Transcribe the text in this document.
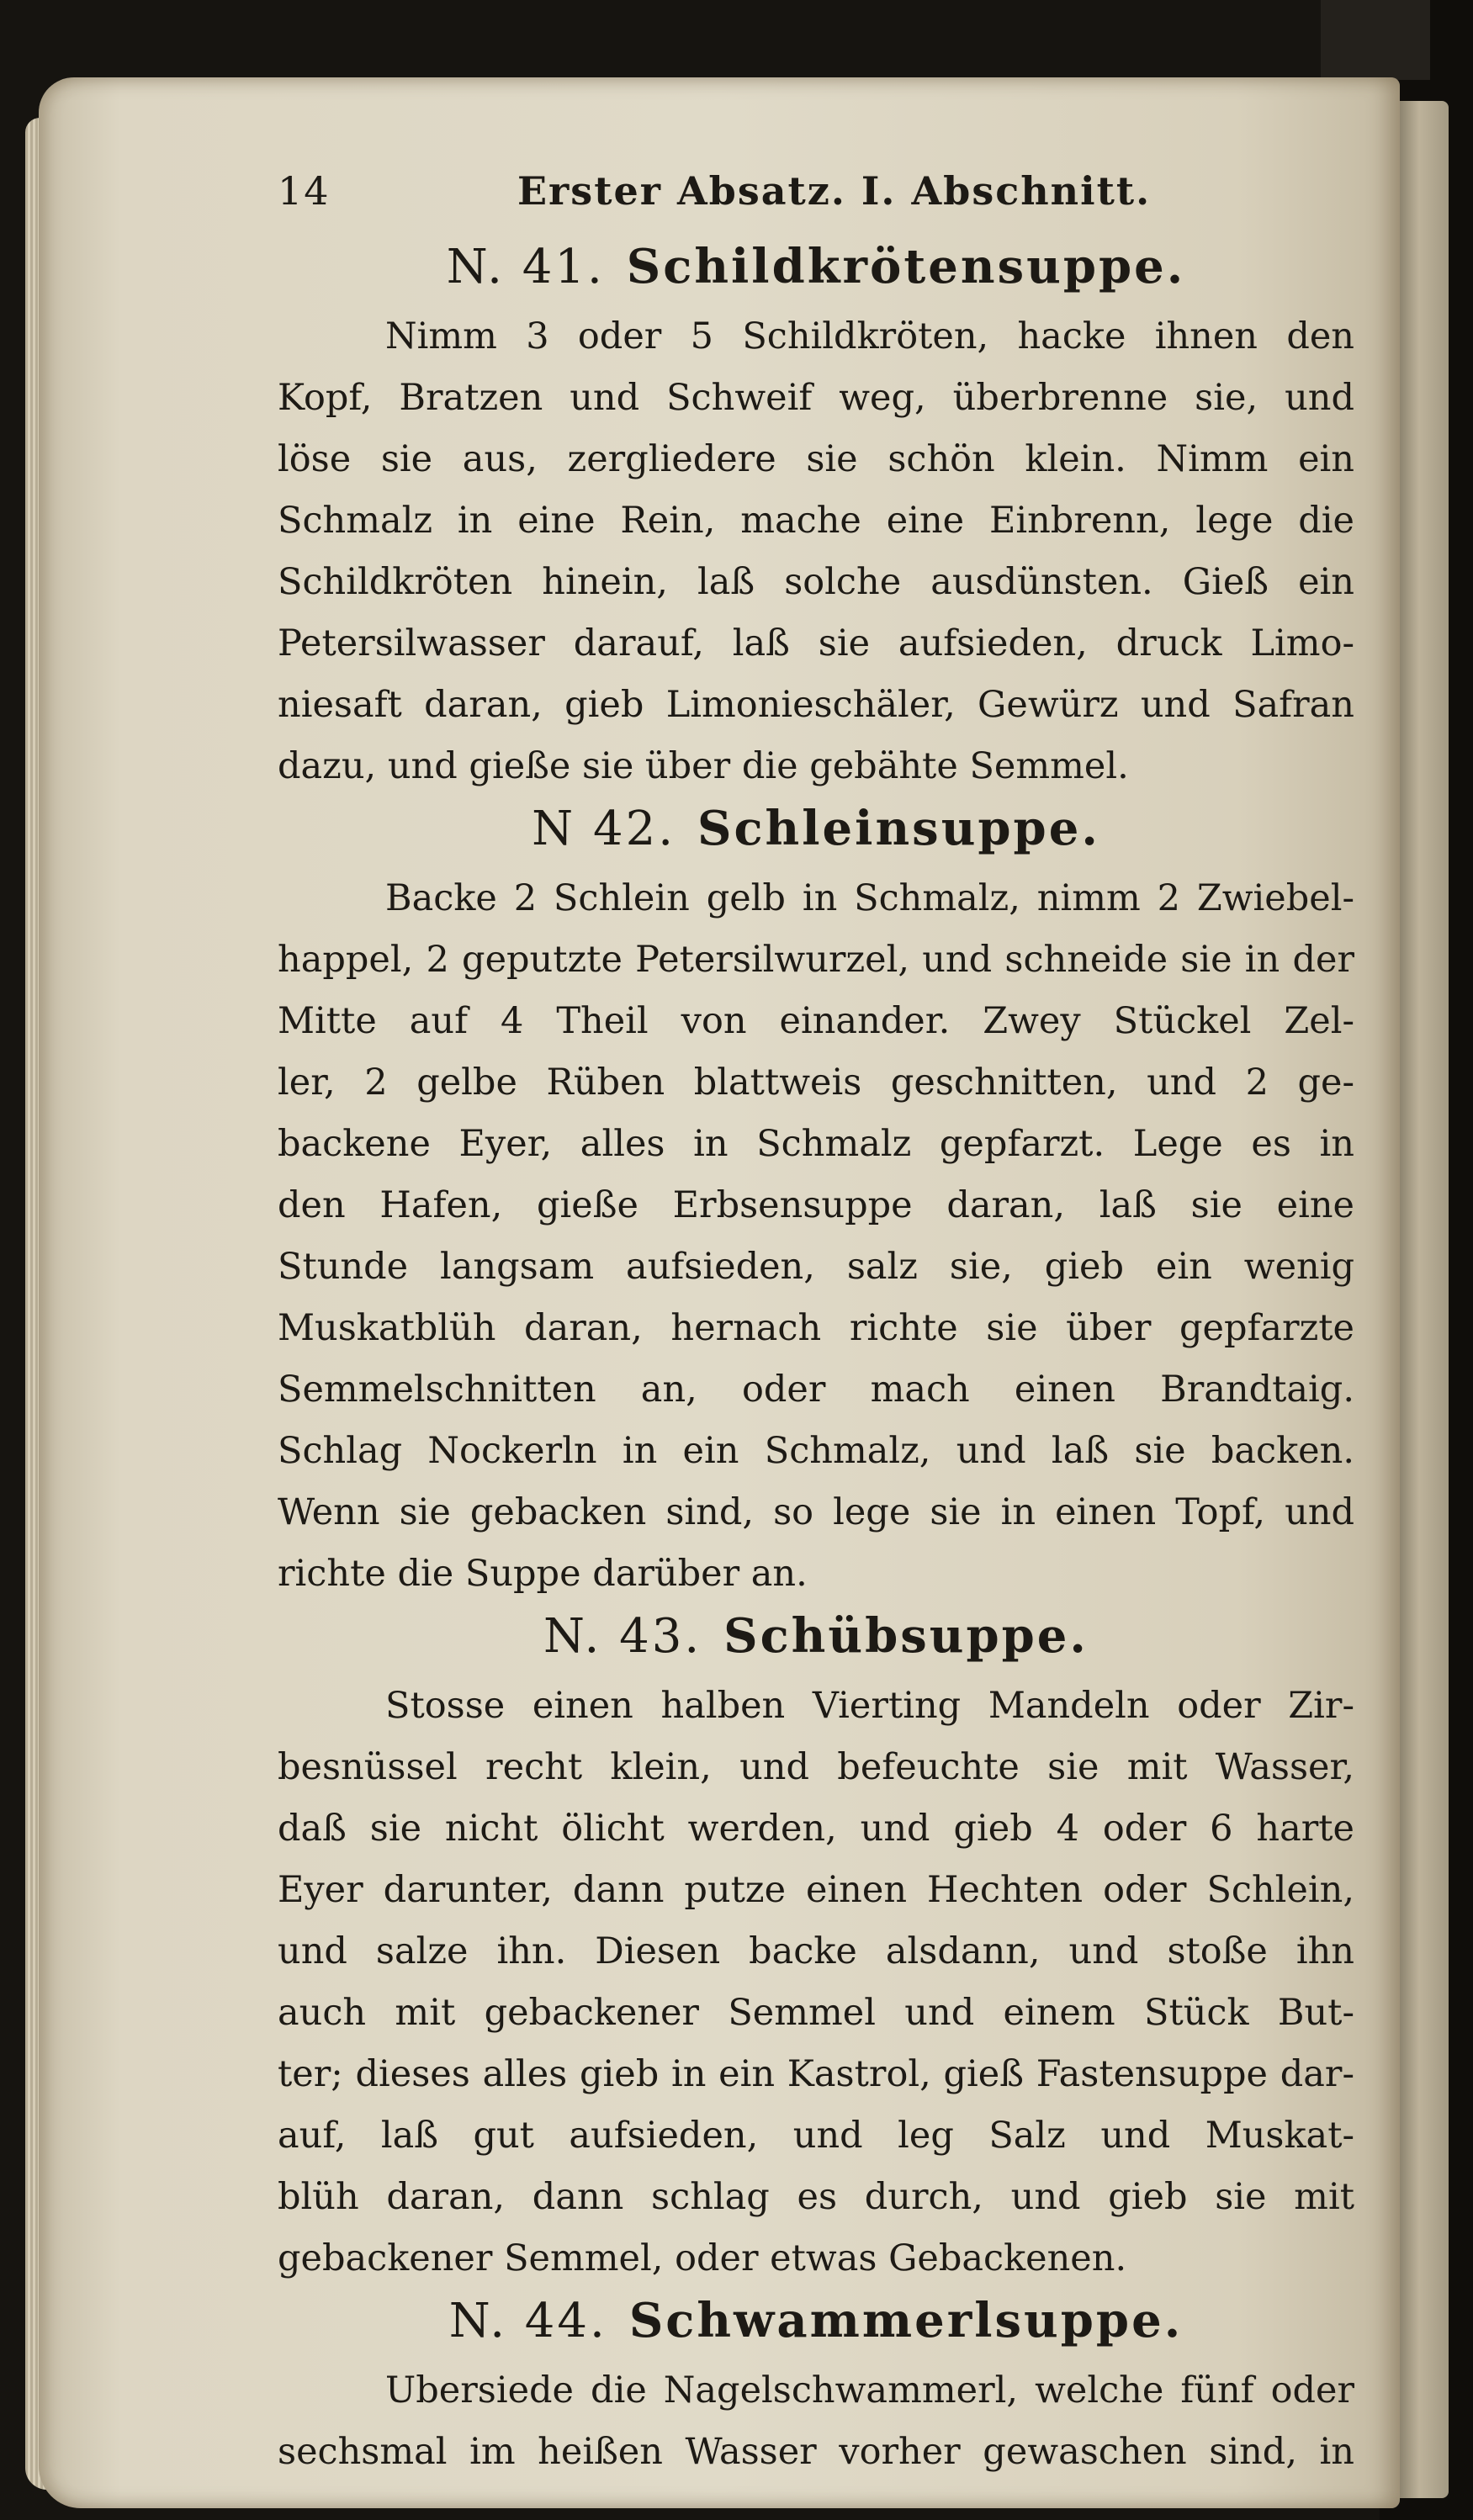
14	Erster Absatz. I. Abschnitt.
N. 41. Schildkrötensuppe.
Nimm 3 oder 5 Schildkröten, hacke ihnen den
Kopf, Bratzen und Schweif weg, überbrenne sie, und
löse sie aus, zergliedere sie schön klein. Nimm ein
Schmalz in eine Rein, mache eine Einbrenn, lege die
Schildkröten hinein, laß solche ausdünsten. Gieß ein
Petersilwasser darauf, laß sie aufsieden, druck Limo-
niesaft daran, gieb Limonieschäler, Gewürz und Safran
dazu, und gieße sie über die gebähte Semmel.
N 42. Schleinsuppe.
Backe 2 Schlein gelb in Schmalz, nimm 2 Zwiebel-
happel, 2 geputzte Petersilwurzel, und schneide sie in der
Mitte auf 4 Theil von einander. Zwey Stückel Zel-
ler, 2 gelbe Rüben blattweis geschnitten, und 2 ge-
backene Eyer, alles in Schmalz gepfarzt. Lege es in
den Hafen, gieße Erbsensuppe daran, laß sie eine
Stunde langsam aufsieden, salz sie, gieb ein wenig
Muskatblüh daran, hernach richte sie über gepfarzte
Semmelschnitten an, oder mach einen Brandtaig.
Schlag Nockerln in ein Schmalz, und laß sie backen.
Wenn sie gebacken sind, so lege sie in einen Topf, und
richte die Suppe darüber an.
N. 43. Schübsuppe.
Stosse einen halben Vierting Mandeln oder Zir-
besnüssel recht klein, und befeuchte sie mit Wasser,
daß sie nicht ölicht werden, und gieb 4 oder 6 harte
Eyer darunter, dann putze einen Hechten oder Schlein,
und salze ihn. Diesen backe alsdann, und stoße ihn
auch mit gebackener Semmel und einem Stück But-
ter; dieses alles gieb in ein Kastrol, gieß Fastensuppe dar-
auf, laß gut aufsieden, und leg Salz und Muskat-
blüh daran, dann schlag es durch, und gieb sie mit
gebackener Semmel, oder etwas Gebackenen.
N. 44. Schwammerlsuppe.
Ubersiede die Nagelschwammerl, welche fünf oder
sechsmal im heißen Wasser vorher gewaschen sind, in
